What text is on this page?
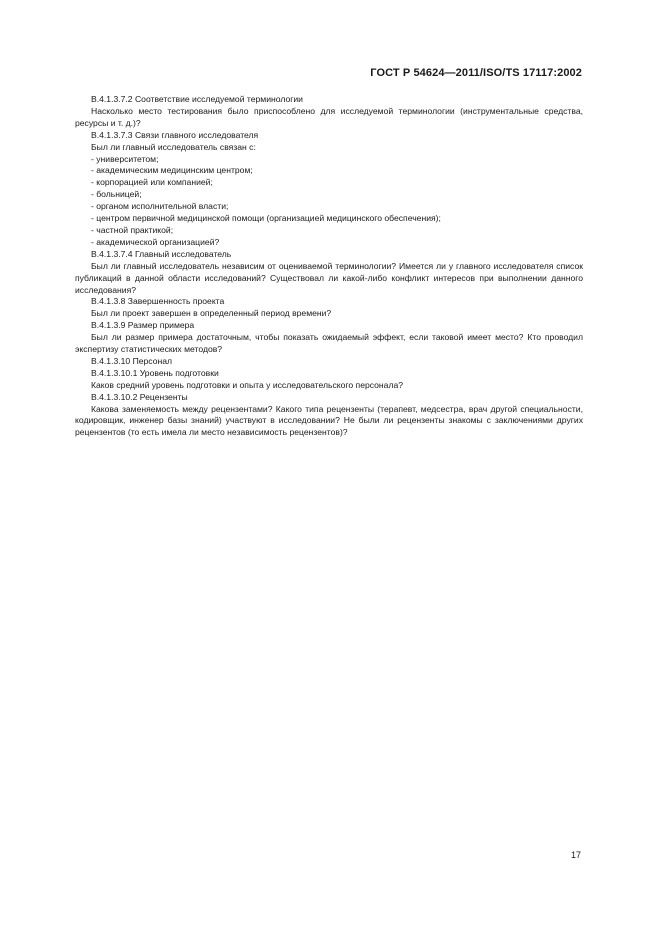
ГОСТ Р 54624—2011/ISO/TS 17117:2002

В.4.1.3.7.2 Соответствие исследуемой терминологии

Насколько место тестирования было приспособлено для исследуемой терминологии (инструментальные средства, ресурсы и т. д.)?

В.4.1.3.7.3 Связи главного исследователя

Был ли главный исследователь связан с:

- университетом;

- академическим медицинским центром;

- корпорацией или компанией;

- больницей;

- органом исполнительной власти;

- центром первичной медицинской помощи (организацией медицинского обеспечения);

- частной практикой;

- академической организацией?

В.4.1.3.7.4 Главный исследователь

Был ли главный исследователь независим от оцениваемой терминологии? Имеется ли у главного исследователя список публикаций в данной области исследований? Существовал ли какой-либо конфликт интересов при выполнении данного исследования?

В.4.1.3.8 Завершенность проекта

Был ли проект завершен в определенный период времени?

В.4.1.3.9 Размер примера

Был ли размер примера достаточным, чтобы показать ожидаемый эффект, если таковой имеет место? Кто проводил экспертизу статистических методов?

В.4.1.3.10 Персонал

В.4.1.3.10.1 Уровень подготовки

Каков средний уровень подготовки и опыта у исследовательского персонала?

В.4.1.3.10.2 Рецензенты

Какова заменяемость между рецензентами? Какого типа рецензенты (терапевт, медсестра, врач другой специальности, кодировщик, инженер базы знаний) участвуют в исследовании? Не были ли рецензенты знакомы с заключениями других рецензентов (то есть имела ли место независимость рецензентов)?

17
